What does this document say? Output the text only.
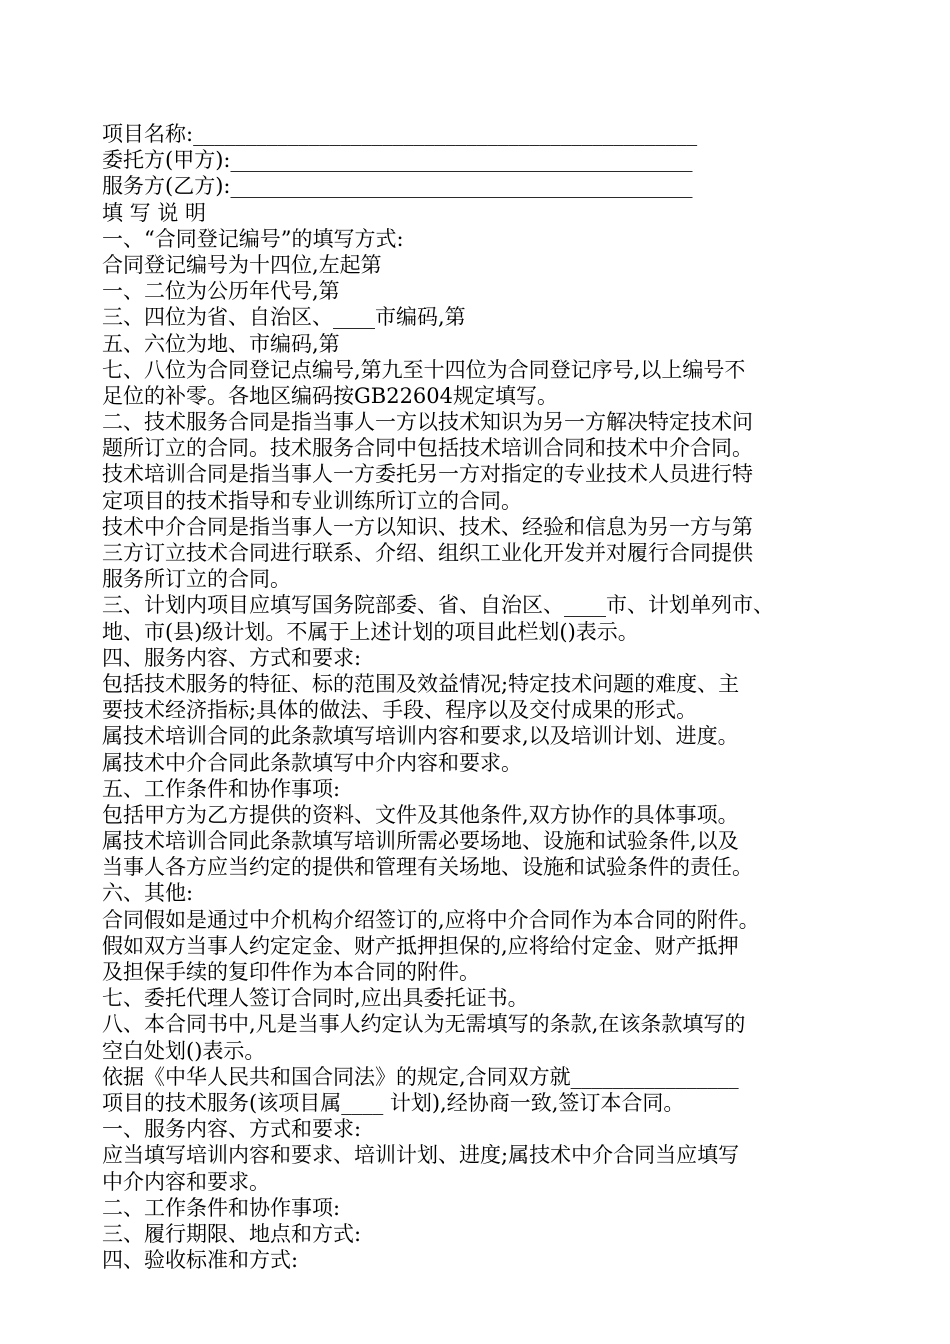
项目名称:________________________________________________
委托方(甲方):____________________________________________
服务方(乙方):____________________________________________
填 写 说 明
一、“合同登记编号”的填写方式:
合同登记编号为十四位,左起第
一、二位为公历年代号,第
三、四位为省、自治区、____市编码,第
五、六位为地、市编码,第
七、八位为合同登记点编号,第九至十四位为合同登记序号,以上编号不
足位的补零。各地区编码按GB22604规定填写。
二、技术服务合同是指当事人一方以技术知识为另一方解决特定技术问
题所订立的合同。技术服务合同中包括技术培训合同和技术中介合同。
技术培训合同是指当事人一方委托另一方对指定的专业技术人员进行特
定项目的技术指导和专业训练所订立的合同。
技术中介合同是指当事人一方以知识、技术、经验和信息为另一方与第
三方订立技术合同进行联系、介绍、组织工业化开发并对履行合同提供
服务所订立的合同。
三、计划内项目应填写国务院部委、省、自治区、____市、计划单列市、
地、市(县)级计划。不属于上述计划的项目此栏划()表示。
四、服务内容、方式和要求:
包括技术服务的特征、标的范围及效益情况;特定技术问题的难度、主
要技术经济指标;具体的做法、手段、程序以及交付成果的形式。
属技术培训合同的此条款填写培训内容和要求,以及培训计划、进度。
属技术中介合同此条款填写中介内容和要求。
五、工作条件和协作事项:
包括甲方为乙方提供的资料、文件及其他条件,双方协作的具体事项。
属技术培训合同此条款填写培训所需必要场地、设施和试验条件,以及
当事人各方应当约定的提供和管理有关场地、设施和试验条件的责任。
六、其他:
合同假如是通过中介机构介绍签订的,应将中介合同作为本合同的附件。
假如双方当事人约定定金、财产抵押担保的,应将给付定金、财产抵押
及担保手续的复印件作为本合同的附件。
七、委托代理人签订合同时,应出具委托证书。
八、本合同书中,凡是当事人约定认为无需填写的条款,在该条款填写的
空白处划()表示。
依据《中华人民共和国合同法》的规定,合同双方就________________
项目的技术服务(该项目属____ 计划),经协商一致,签订本合同。
一、服务内容、方式和要求:
应当填写培训内容和要求、培训计划、进度;属技术中介合同当应填写
中介内容和要求。
二、工作条件和协作事项:
三、履行期限、地点和方式:
四、验收标准和方式:
